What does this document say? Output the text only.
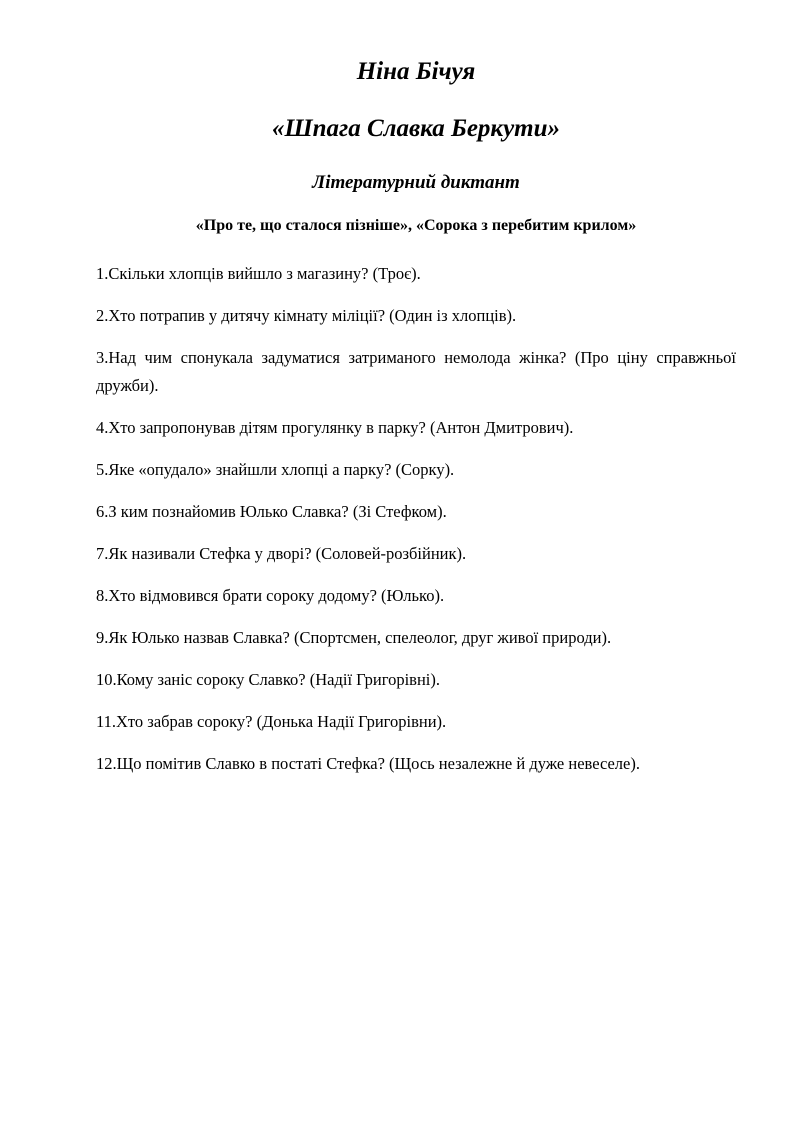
Ніна Бічуя
«Шпага Славка Беркути»
Літературний диктант
«Про те, що сталося пізніше», «Сорока з перебитим крилом»
1.Скільки хлопців вийшло з магазину? (Троє).
2.Хто потрапив у дитячу кімнату міліції? (Один із хлопців).
3.Над чим спонукала задуматися затриманого немолода жінка? (Про ціну справжньої дружби).
4.Хто запропонував дітям прогулянку в парку? (Антон Дмитрович).
5.Яке «опудало» знайшли хлопці а парку? (Сорку).
6.З ким познайомив Юлько Славка? (Зі Стефком).
7.Як називали Стефка у дворі? (Соловей-розбійник).
8.Хто відмовився брати сороку додому? (Юлько).
9.Як Юлько назвав Славка? (Спортсмен, спелеолог, друг живої природи).
10.Кому заніс сороку Славко? (Надії Григорівні).
11.Хто забрав сороку? (Донька Надії Григорівни).
12.Що помітив Славко в постаті Стефка? (Щось незалежне й дуже невеселе).
